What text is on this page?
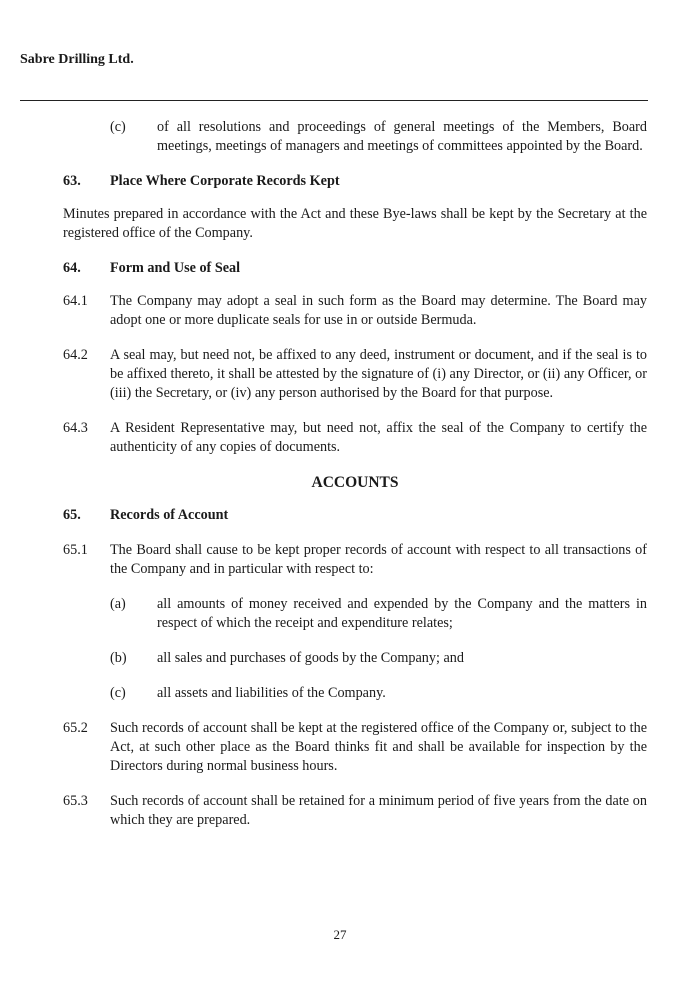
Sabre Drilling Ltd.
(c)	of all resolutions and proceedings of general meetings of the Members, Board meetings, meetings of managers and meetings of committees appointed by the Board.
63.	Place Where Corporate Records Kept

Minutes prepared in accordance with the Act and these Bye-laws shall be kept by the Secretary at the registered office of the Company.

64.	Form and Use of Seal
64.1	The Company may adopt a seal in such form as the Board may determine. The Board may adopt one or more duplicate seals for use in or outside Bermuda.
64.2	A seal may, but need not, be affixed to any deed, instrument or document, and if the seal is to be affixed thereto, it shall be attested by the signature of (i) any Director, or (ii) any Officer, or (iii) the Secretary, or (iv) any person authorised by the Board for that purpose.
64.3	A Resident Representative may, but need not, affix the seal of the Company to certify the authenticity of any copies of documents.
ACCOUNTS
65.	Records of Account
65.1	The Board shall cause to be kept proper records of account with respect to all transactions of the Company and in particular with respect to:
(a)	all amounts of money received and expended by the Company and the matters in respect of which the receipt and expenditure relates;
(b)	all sales and purchases of goods by the Company; and
(c)	all assets and liabilities of the Company.
65.2	Such records of account shall be kept at the registered office of the Company or, subject to the Act, at such other place as the Board thinks fit and shall be available for inspection by the Directors during normal business hours.
65.3	Such records of account shall be retained for a minimum period of five years from the date on which they are prepared.
27
